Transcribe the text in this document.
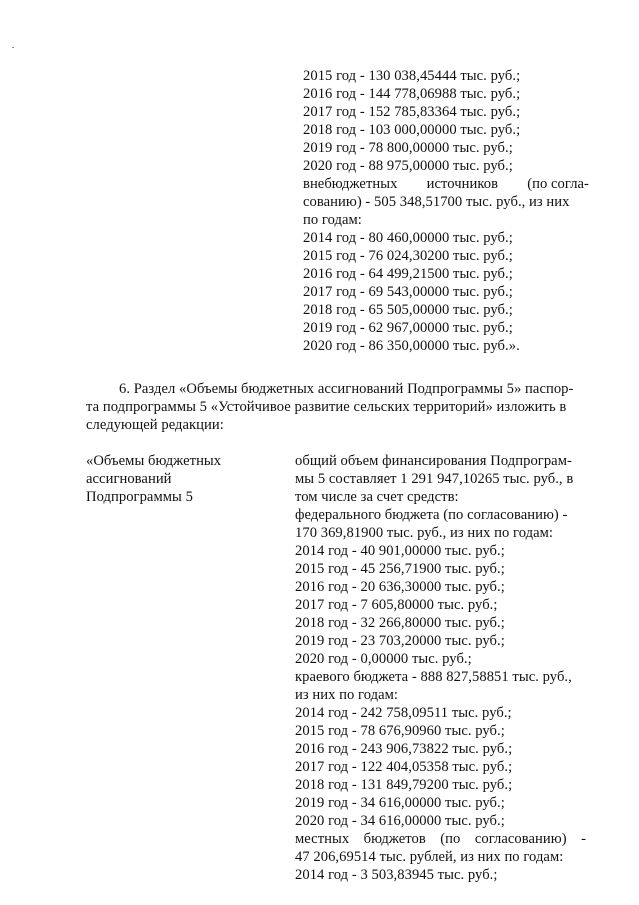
2015 год - 130 038,45444 тыс. руб.;
2016 год - 144 778,06988 тыс. руб.;
2017 год - 152 785,83364 тыс. руб.;
2018 год - 103 000,00000 тыс. руб.;
2019 год - 78 800,00000 тыс. руб.;
2020 год - 88 975,00000 тыс. руб.;
внебюджетных источников (по согла-
сованию) - 505 348,51700 тыс. руб., из них
по годам:
2014 год - 80 460,00000 тыс. руб.;
2015 год - 76 024,30200 тыс. руб.;
2016 год - 64 499,21500 тыс. руб.;
2017 год - 69 543,00000 тыс. руб.;
2018 год - 65 505,00000 тыс. руб.;
2019 год - 62 967,00000 тыс. руб.;
2020 год - 86 350,00000 тыс. руб.».
6. Раздел «Объемы бюджетных ассигнований Подпрограммы 5» паспор-
та подпрограммы 5 «Устойчивое развитие сельских территорий» изложить в
следующей редакции:
«Объемы бюджетных
ассигнований
Подпрограммы 5
общий объем финансирования Подпрограм-
мы 5 составляет 1 291 947,10265 тыс. руб., в
том числе за счет средств:
федерального бюджета (по согласованию) -
170 369,81900 тыс. руб., из них по годам:
2014 год - 40 901,00000 тыс. руб.;
2015 год - 45 256,71900 тыс. руб.;
2016 год - 20 636,30000 тыс. руб.;
2017 год - 7 605,80000 тыс. руб.;
2018 год - 32 266,80000 тыс. руб.;
2019 год - 23 703,20000 тыс. руб.;
2020 год - 0,00000 тыс. руб.;
краевого бюджета - 888 827,58851 тыс. руб.,
из них по годам:
2014 год - 242 758,09511 тыс. руб.;
2015 год - 78 676,90960 тыс. руб.;
2016 год - 243 906,73822 тыс. руб.;
2017 год - 122 404,05358 тыс. руб.;
2018 год - 131 849,79200 тыс. руб.;
2019 год - 34 616,00000 тыс. руб.;
2020 год - 34 616,00000 тыс. руб.;
местных бюджетов (по согласованию) -
47 206,69514 тыс. рублей, из них по годам:
2014 год - 3 503,83945 тыс. руб.;
